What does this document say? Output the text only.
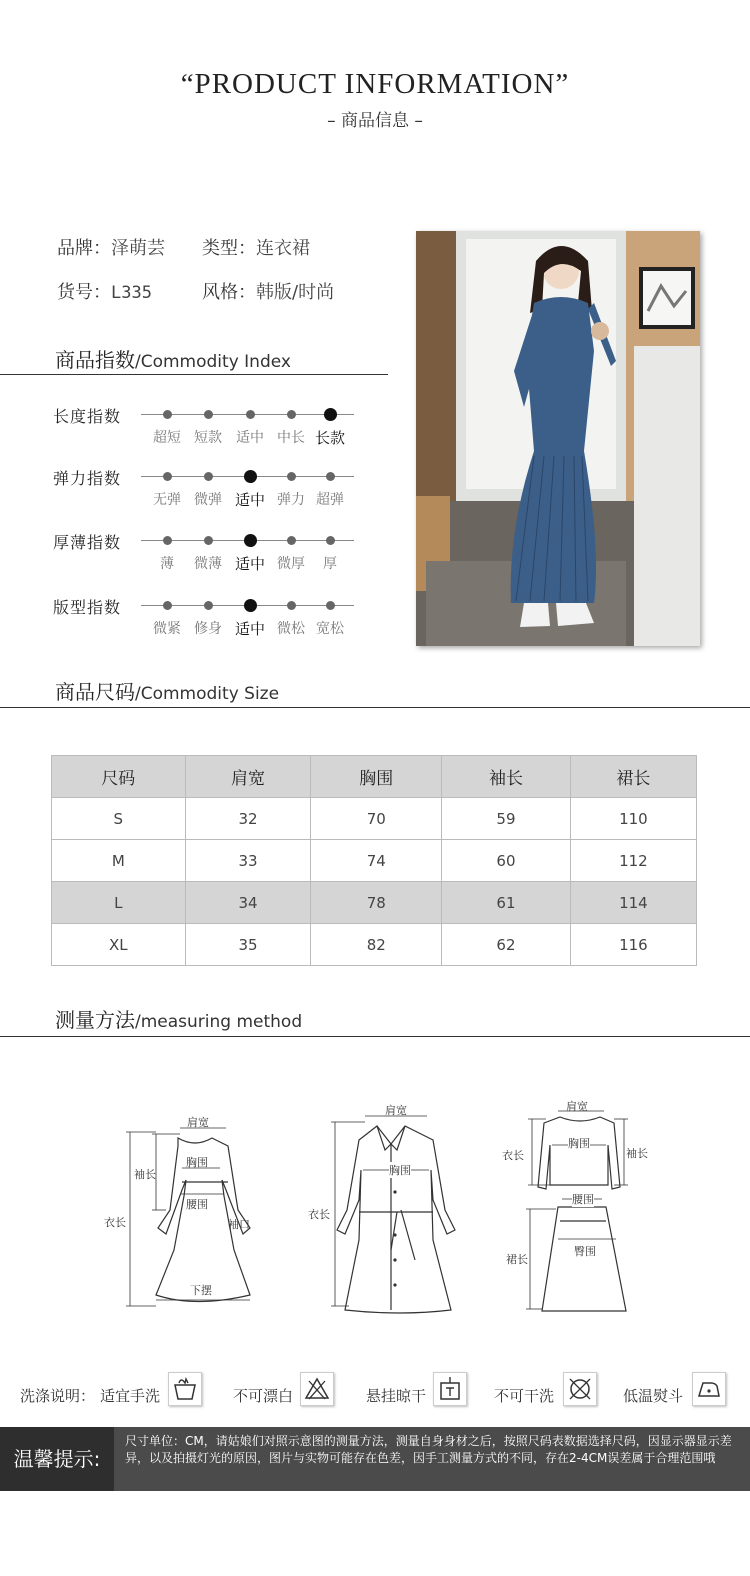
“PRODUCT INFORMATION”
– 商品信息 –
品牌：泽萌芸 类型：连衣裙
货号：L335	风格：韩版/时尚
商品指数/Commodity Index
长度指数
超短 短款	适中 中长 长款
弹力指数
无弹 微弹 适中 弹力 超弹
厚薄指数
薄	微薄 适中 微厚	厚
版型指数
微紧 修身 适中 微松 宽松
商品尺码/Commodity Size
尺码	肩宽	胸围	袖长	裙长
S	32	70	59	110
M	33	74	60	112
L	34	78	61	114
XL	35	82	62	116
测量方法/measuring method
肩宽
胸围
腰围
袖长
衣长	袖口
下摆
肩宽
胸围
衣长
肩宽
胸围
衣长	袖长
腰围
裙长
臀围
洗涤说明： 适宜手洗	不可漂白	悬挂晾干	不可干洗	低温熨斗
温馨提示:
尺寸单位：CM，请姑娘们对照示意图的测量方法，测量自身身材之后，按照尺码表数据选择尺码，因显示器显示差异，以及拍摄灯光的原因，图片与实物可能存在色差，因手工测量方式的不同，存在2-4CM误差属于合理范围哦
